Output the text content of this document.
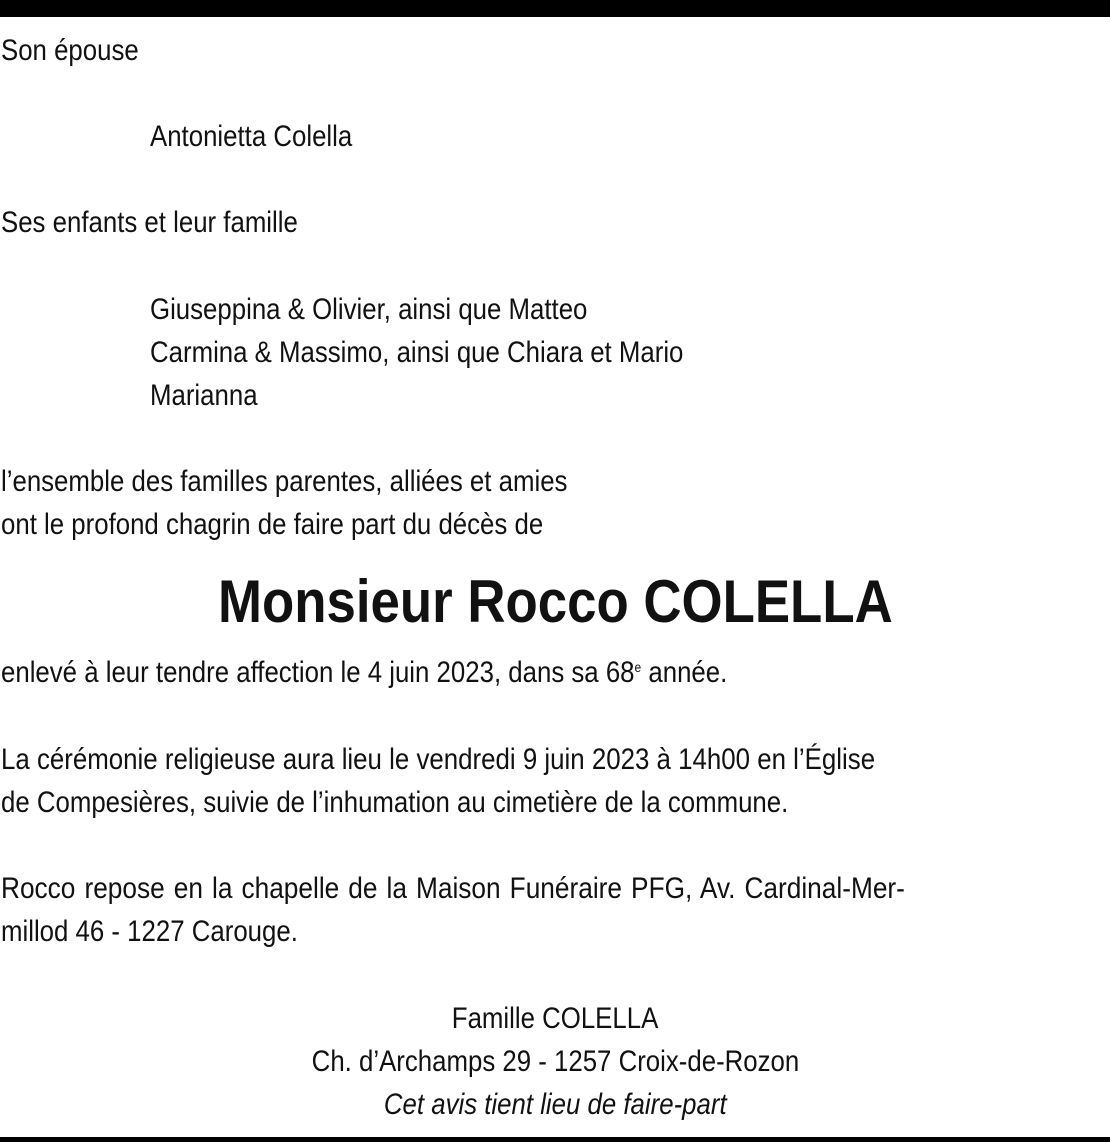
Son épouse
Antonietta Colella
Ses enfants et leur famille
Giuseppina & Olivier, ainsi que Matteo
Carmina & Massimo, ainsi que Chiara et Mario
Marianna
l’ensemble des familles parentes, alliées et amies
ont le profond chagrin de faire part du décès de
Monsieur Rocco COLELLA
enlevé à leur tendre affection le 4 juin 2023, dans sa 68e année.
La cérémonie religieuse aura lieu le vendredi 9 juin 2023 à 14h00 en l’Église
de Compesières, suivie de l’inhumation au cimetière de la commune.
Rocco repose en la chapelle de la Maison Funéraire PFG, Av. Cardinal-Mer-
millod 46 - 1227 Carouge.
Famille COLELLA
Ch. d’Archamps 29 - 1257 Croix-de-Rozon
Cet avis tient lieu de faire-part
